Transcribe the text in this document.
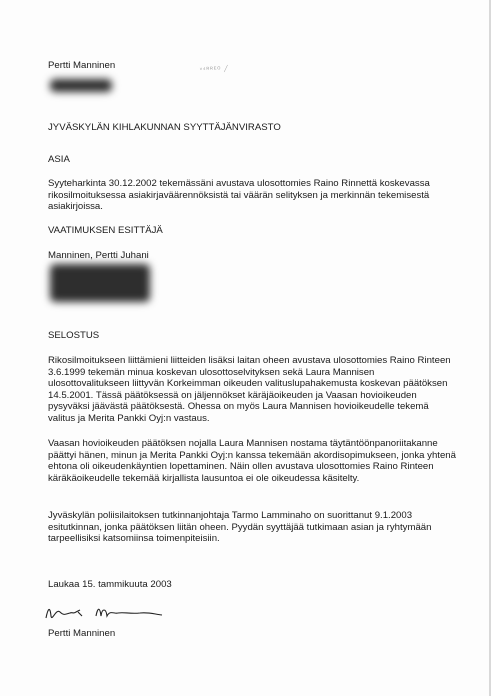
Pertti Manninen	ᵛ⁴ᴿᴿᴱᴼ ╱

JYVÄSKYLÄN KIHLAKUNNAN SYYTTÄJÄNVIRASTO

ASIA

Syyteharkinta 30.12.2002 tekemässäni avustava ulosottomies Raino Rinnettä koskevassa rikosilmoituksessa asiakirjaväärennöksistä tai väärän selityksen ja merkinnän tekemisestä asiakirjoissa.

VAATIMUKSEN ESITTÄJÄ

Manninen, Pertti Juhani

SELOSTUS

Rikosilmoitukseen liittämieni liitteiden lisäksi laitan oheen avustava ulosottomies Raino Rinteen 3.6.1999 tekemän minua koskevan ulosottoselvityksen sekä Laura Mannisen ulosottovalitukseen liittyvän Korkeimman oikeuden valituslupahakemusta koskevan päätöksen 14.5.2001. Tässä päätöksessä on jäljennökset käräjäoikeuden ja Vaasan hovioikeuden pysyväksi jäävästä päätöksestä. Ohessa on myös Laura Mannisen hovioikeudelle tekemä valitus ja Merita Pankki Oyj:n vastaus.

Vaasan hovioikeuden päätöksen nojalla Laura Mannisen nostama täytäntöönpanoriitakanne päättyi hänen, minun ja Merita Pankki Oyj:n kanssa tekemään akordisopimukseen, jonka yhtenä ehtona oli oikeudenkäyntien lopettaminen. Näin ollen avustava ulosottomies Raino Rinteen käräkäoikeudelle tekemää kirjallista lausuntoa ei ole oikeudessa käsitelty.

Jyväskylän poliisilaitoksen tutkinnanjohtaja Tarmo Lamminaho on suorittanut 9.1.2003 esitutkinnan, jonka päätöksen liitän oheen. Pyydän syyttäjää tutkimaan asian ja ryhtymään tarpeellisiksi katsomiinsa toimenpiteisiin.

Laukaa 15. tammikuuta 2003

Pertti Manninen
